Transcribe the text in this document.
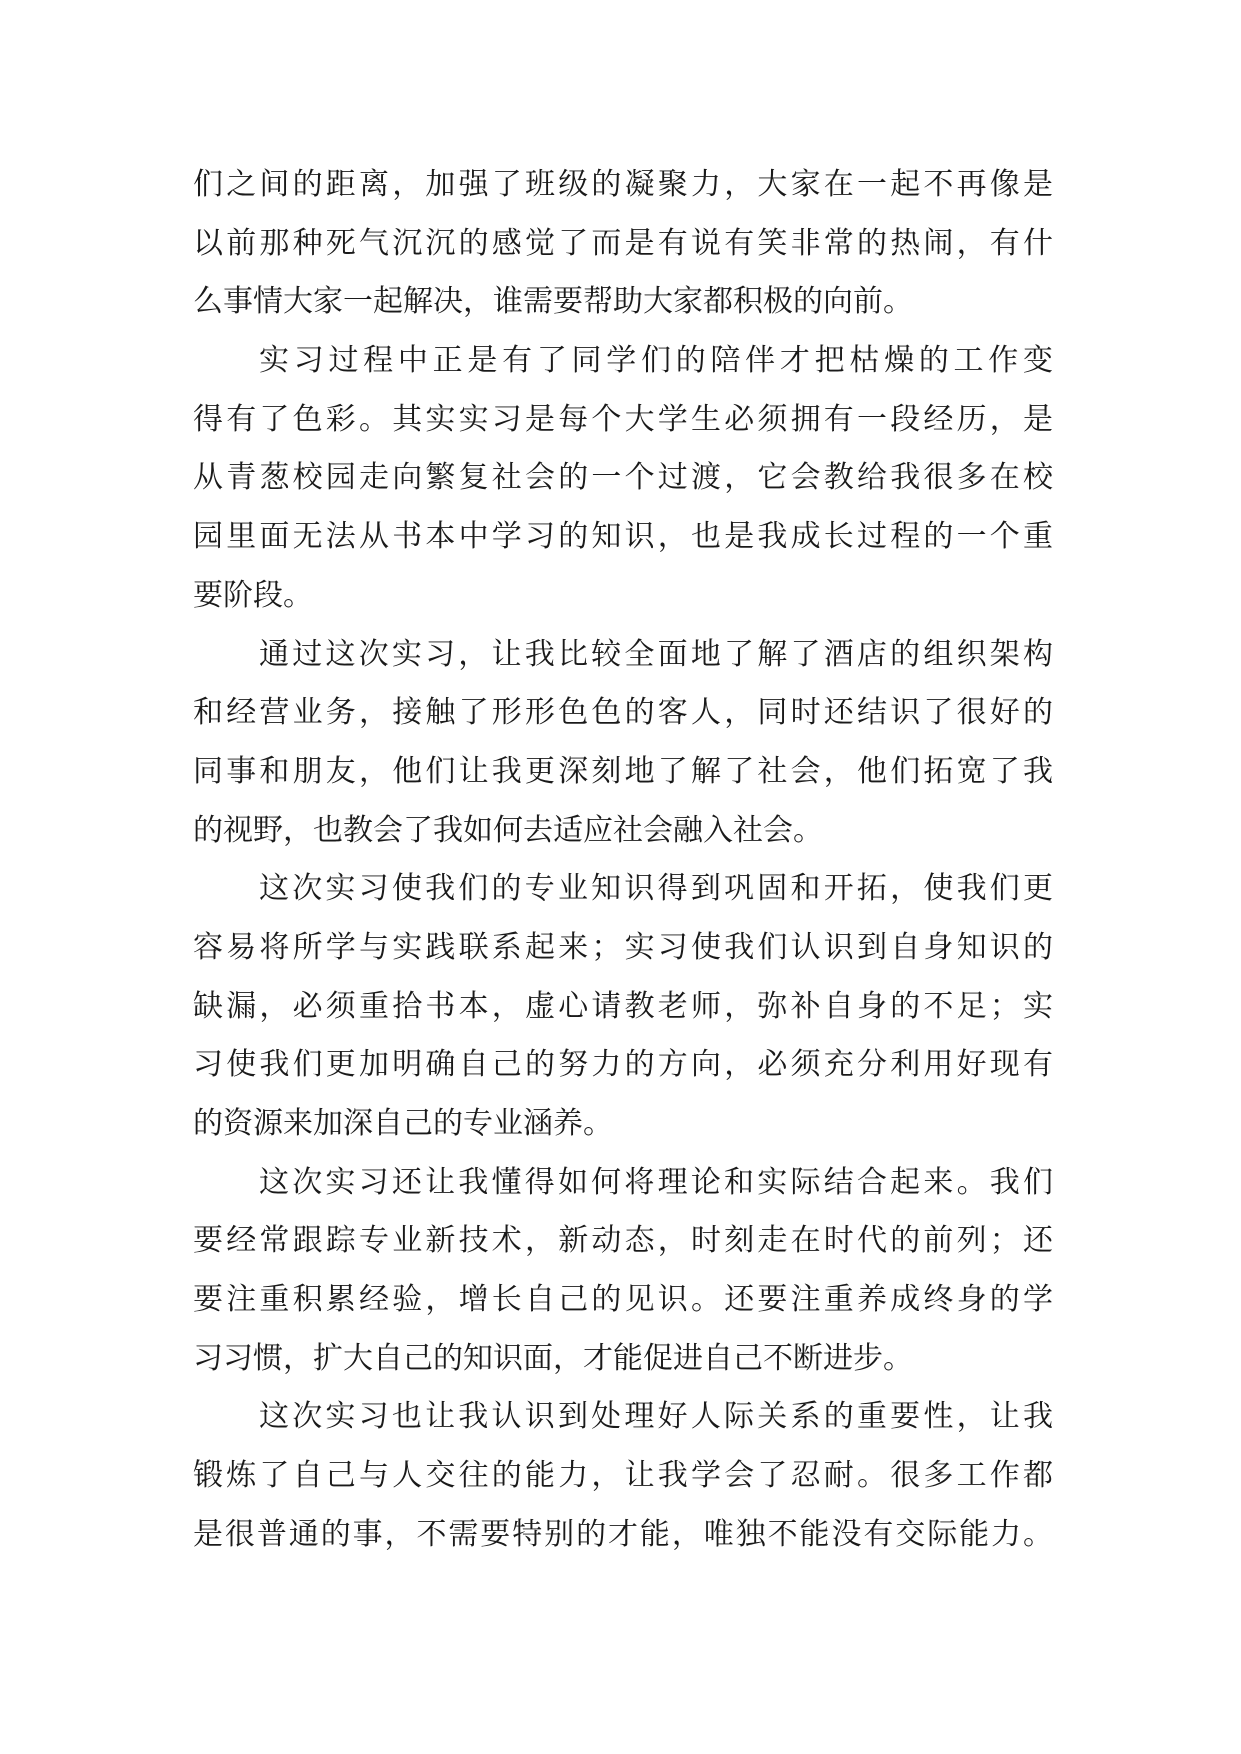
们之间的距离，加强了班级的凝聚力，大家在一起不再像是
以前那种死气沉沉的感觉了而是有说有笑非常的热闹，有什
么事情大家一起解决，谁需要帮助大家都积极的向前。
实习过程中正是有了同学们的陪伴才把枯燥的工作变
得有了色彩。其实实习是每个大学生必须拥有一段经历，是
从青葱校园走向繁复社会的一个过渡，它会教给我很多在校
园里面无法从书本中学习的知识，也是我成长过程的一个重
要阶段。
通过这次实习，让我比较全面地了解了酒店的组织架构
和经营业务，接触了形形色色的客人，同时还结识了很好的
同事和朋友，他们让我更深刻地了解了社会，他们拓宽了我
的视野，也教会了我如何去适应社会融入社会。
这次实习使我们的专业知识得到巩固和开拓，使我们更
容易将所学与实践联系起来；实习使我们认识到自身知识的
缺漏，必须重拾书本，虚心请教老师，弥补自身的不足；实
习使我们更加明确自己的努力的方向，必须充分利用好现有
的资源来加深自己的专业涵养。
这次实习还让我懂得如何将理论和实际结合起来。我们
要经常跟踪专业新技术，新动态，时刻走在时代的前列；还
要注重积累经验，增长自己的见识。还要注重养成终身的学
习习惯，扩大自己的知识面，才能促进自己不断进步。
这次实习也让我认识到处理好人际关系的重要性，让我
锻炼了自己与人交往的能力，让我学会了忍耐。很多工作都
是很普通的事，不需要特别的才能，唯独不能没有交际能力。
